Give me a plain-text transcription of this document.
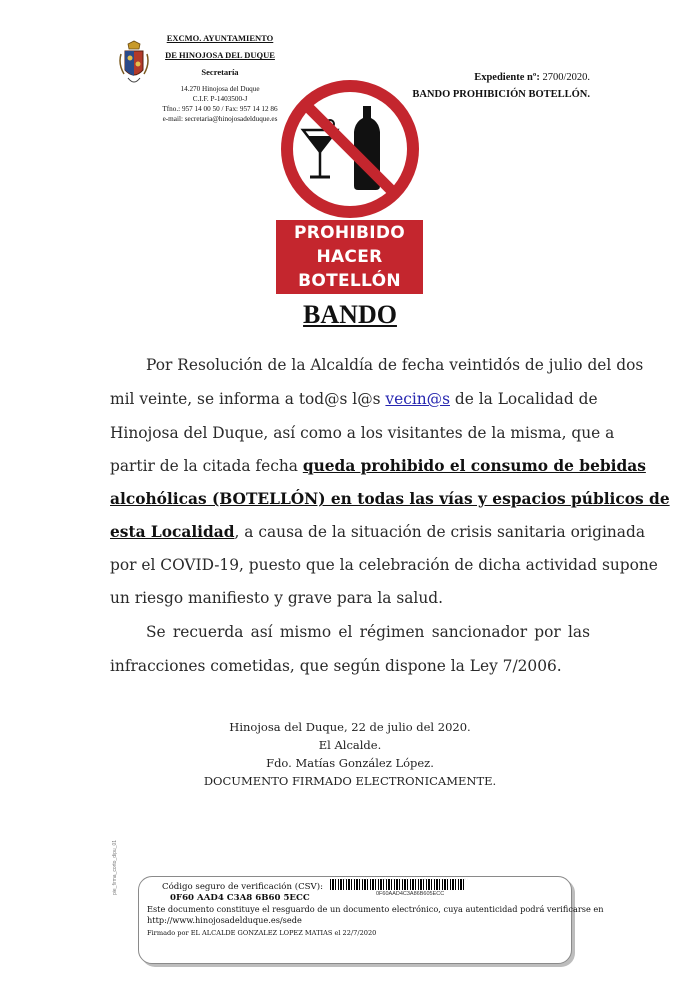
EXCMO. AYUNTAMIENTO
DE HINOJOSA DEL DUQUE
Secretaría
14.270 Hinojosa del Duque
C.I.F. P-1403500-J
Tfno.: 957 14 00 50 / Fax: 957 14 12 86
e-mail: secretaria@hinojosadelduque.es
Expediente nº: 2700/2020.
BANDO PROHIBICIÓN BOTELLÓN.
PROHIBIDO
HACER
BOTELLÓN
BANDO
Por Resolución de la Alcaldía de fecha veintidós de julio del dos
mil veinte, se informa a tod@s l@s vecin@s de la Localidad de
Hinojosa del Duque, así como a los visitantes de la misma, que a
partir de la citada fecha queda prohibido el consumo de bebidas
alcohólicas (BOTELLÓN) en todas las vías y espacios públicos de
esta Localidad, a causa de la situación de crisis sanitaria originada
por el COVID-19, puesto que la celebración de dicha actividad supone
un riesgo manifiesto y grave para la salud.
Se recuerda así mismo el régimen sancionador por las
infracciones cometidas, que según dispone la Ley 7/2006.
Hinojosa del Duque, 22 de julio del 2020.
El Alcalde.
Fdo. Matías González López.
DOCUMENTO FIRMADO ELECTRONICAMENTE.
Código seguro de verificación (CSV):
0F60 AAD4 C3A8 6B60 5ECC	0F60AAD4C3A86B605ECC
Este documento constituye el resguardo de un documento electrónico, cuya autenticidad podrá verificarse en
http://www.hinojosadelduque.es/sede
Firmado por EL ALCALDE GONZALEZ LOPEZ MATIAS el 22/7/2020
pie_firma_corto_dipu_01
